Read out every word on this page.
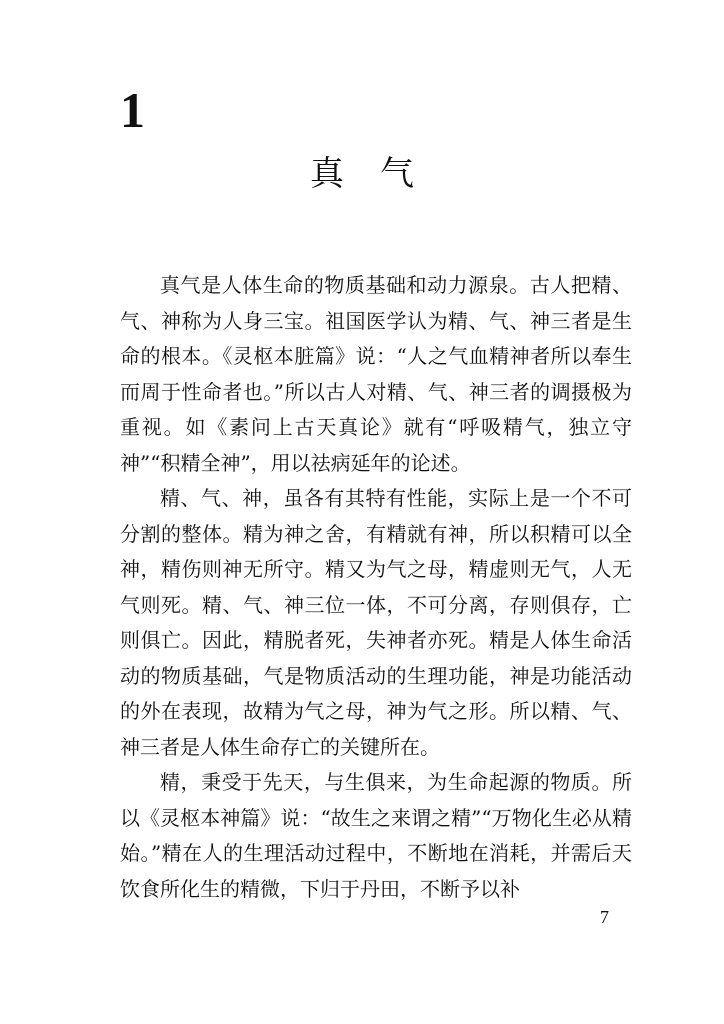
1
真气

真气是人体生命的物质基础和动力源泉。古人把精、气、神称为人身三宝。祖国医学认为精、气、神三者是生命的根本。《灵枢本脏篇》说：“人之气血精神者所以奉生而周于性命者也。”所以古人对精、气、神三者的调摄极为重视。如《素问上古天真论》就有“呼吸精气，独立守神”“积精全神”，用以祛病延年的论述。

精、气、神，虽各有其特有性能，实际上是一个不可分割的整体。精为神之舍，有精就有神，所以积精可以全神，精伤则神无所守。精又为气之母，精虚则无气，人无气则死。精、气、神三位一体，不可分离，存则俱存，亡则俱亡。因此，精脱者死，失神者亦死。精是人体生命活动的物质基础，气是物质活动的生理功能，神是功能活动的外在表现，故精为气之母，神为气之形。所以精、气、神三者是人体生命存亡的关键所在。

精，秉受于先天，与生俱来，为生命起源的物质。所以《灵枢本神篇》说：“故生之来谓之精”“万物化生必从精始。”精在人的生理活动过程中，不断地在消耗，并需后天饮食所化生的精微，下归于丹田，不断予以补

7
